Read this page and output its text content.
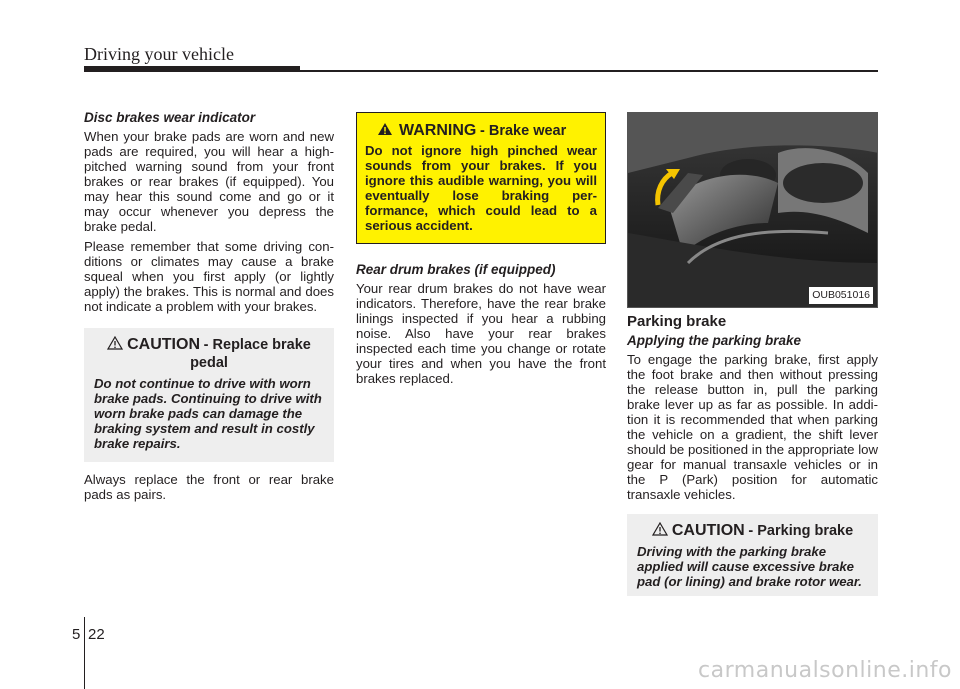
Driving your vehicle
Disc brakes wear indicator

When your brake pads are worn and new pads are required, you will hear a high-pitched warning sound from your front brakes or rear brakes (if equipped). You may hear this sound come and go or it may occur whenever you depress the brake pedal.

Please remember that some driving con-ditions or climates may cause a brake squeal when you first apply (or lightly apply) the brakes. This is normal and does not indicate a problem with your brakes.

CAUTION - Replace brake pedal
Do not continue to drive with worn brake pads. Continuing to drive with worn brake pads can damage the braking system and result in costly brake repairs.

Always replace the front or rear brake pads as pairs.

WARNING - Brake wear
Do not ignore high pinched wear sounds from your brakes. If you ignore this audible warning, you will eventually lose braking per-formance, which could lead to a serious accident.
Rear drum brakes (if equipped)

Your rear drum brakes do not have wear indicators. Therefore, have the rear brake linings inspected if you hear a rubbing noise. Also have your rear brakes inspected each time you change or rotate your tires and when you have the front brakes replaced.

OUB051016
Parking brake
Applying the parking brake

To engage the parking brake, first apply the foot brake and then without pressing the release button in, pull the parking brake lever up as far as possible. In addi-tion it is recommended that when parking the vehicle on a gradient, the shift lever should be positioned in the appropriate low gear for manual transaxle vehicles or in the P (Park) position for automatic transaxle vehicles.

CAUTION - Parking brake
Driving with the parking brake applied will cause excessive brake pad (or lining) and brake rotor wear.
5 22
carmanualsonline.info
